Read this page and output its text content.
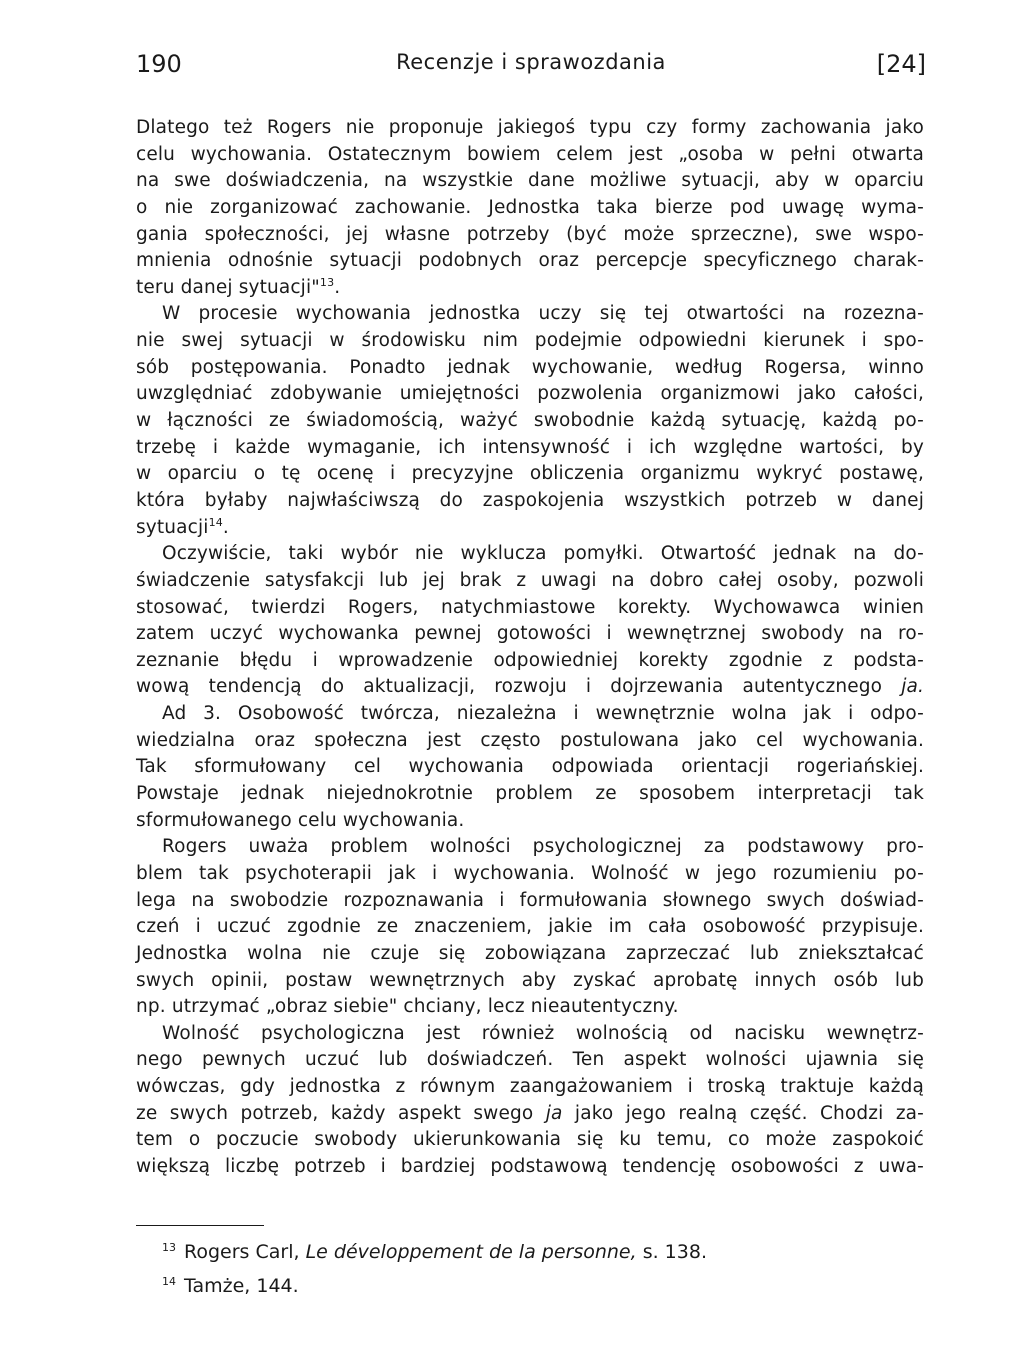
190	Recenzje i sprawozdania	[24]
Dlatego też Rogers nie proponuje jakiegoś typu czy formy zachowania jako
celu wychowania. Ostatecznym bowiem celem jest „osoba w pełni otwarta
na swe doświadczenia, na wszystkie dane możliwe sytuacji, aby w oparciu
o nie zorganizować zachowanie. Jednostka taka bierze pod uwagę wyma-
gania społeczności, jej własne potrzeby (być może sprzeczne), swe wspo-
mnienia odnośnie sytuacji podobnych oraz percepcje specyficznego charak-
teru danej sytuacji"$^{13}$.
W procesie wychowania jednostka uczy się tej otwartości na rozezna-
nie swej sytuacji w środowisku nim podejmie odpowiedni kierunek i spo-
sób postępowania. Ponadto jednak wychowanie, według Rogersa, winno
uwzględniać zdobywanie umiejętności pozwolenia organizmowi jako całości,
w łączności ze świadomością, ważyć swobodnie każdą sytuację, każdą po-
trzebę i każde wymaganie, ich intensywność i ich względne wartości, by
w oparciu o tę ocenę i precyzyjne obliczenia organizmu wykryć postawę,
która byłaby najwłaściwszą do zaspokojenia wszystkich potrzeb w danej
sytuacji$^{14}$.
Oczywiście, taki wybór nie wyklucza pomyłki. Otwartość jednak na do-
świadczenie satysfakcji lub jej brak z uwagi na dobro całej osoby, pozwoli
stosować, twierdzi Rogers, natychmiastowe korekty. Wychowawca winien
zatem uczyć wychowanka pewnej gotowości i wewnętrznej swobody na ro-
zeznanie błędu i wprowadzenie odpowiedniej korekty zgodnie z podsta-
wową tendencją do aktualizacji, rozwoju i dojrzewania autentycznego ja.
Ad 3. Osobowość twórcza, niezależna i wewnętrznie wolna jak i odpo-
wiedzialna oraz społeczna jest często postulowana jako cel wychowania.
Tak sformułowany cel wychowania odpowiada orientacji rogeriańskiej.
Powstaje jednak niejednokrotnie problem ze sposobem interpretacji tak
sformułowanego celu wychowania.
Rogers uważa problem wolności psychologicznej za podstawowy pro-
blem tak psychoterapii jak i wychowania. Wolność w jego rozumieniu po-
lega na swobodzie rozpoznawania i formułowania słownego swych doświad-
czeń i uczuć zgodnie ze znaczeniem, jakie im cała osobowość przypisuje.
Jednostka wolna nie czuje się zobowiązana zaprzeczać lub zniekształcać
swych opinii, postaw wewnętrznych aby zyskać aprobatę innych osób lub
np. utrzymać „obraz siebie" chciany, lecz nieautentyczny.
Wolność psychologiczna jest również wolnością od nacisku wewnętrz-
nego pewnych uczuć lub doświadczeń. Ten aspekt wolności ujawnia się
wówczas, gdy jednostka z równym zaangażowaniem i troską traktuje każdą
ze swych potrzeb, każdy aspekt swego ja jako jego realną część. Chodzi za-
tem o poczucie swobody ukierunkowania się ku temu, co może zaspokoić
większą liczbę potrzeb i bardziej podstawową tendencję osobowości z uwa-
$^{13}$ Rogers Carl, Le développement de la personne, s. 138.
$^{14}$ Tamże, 144.
